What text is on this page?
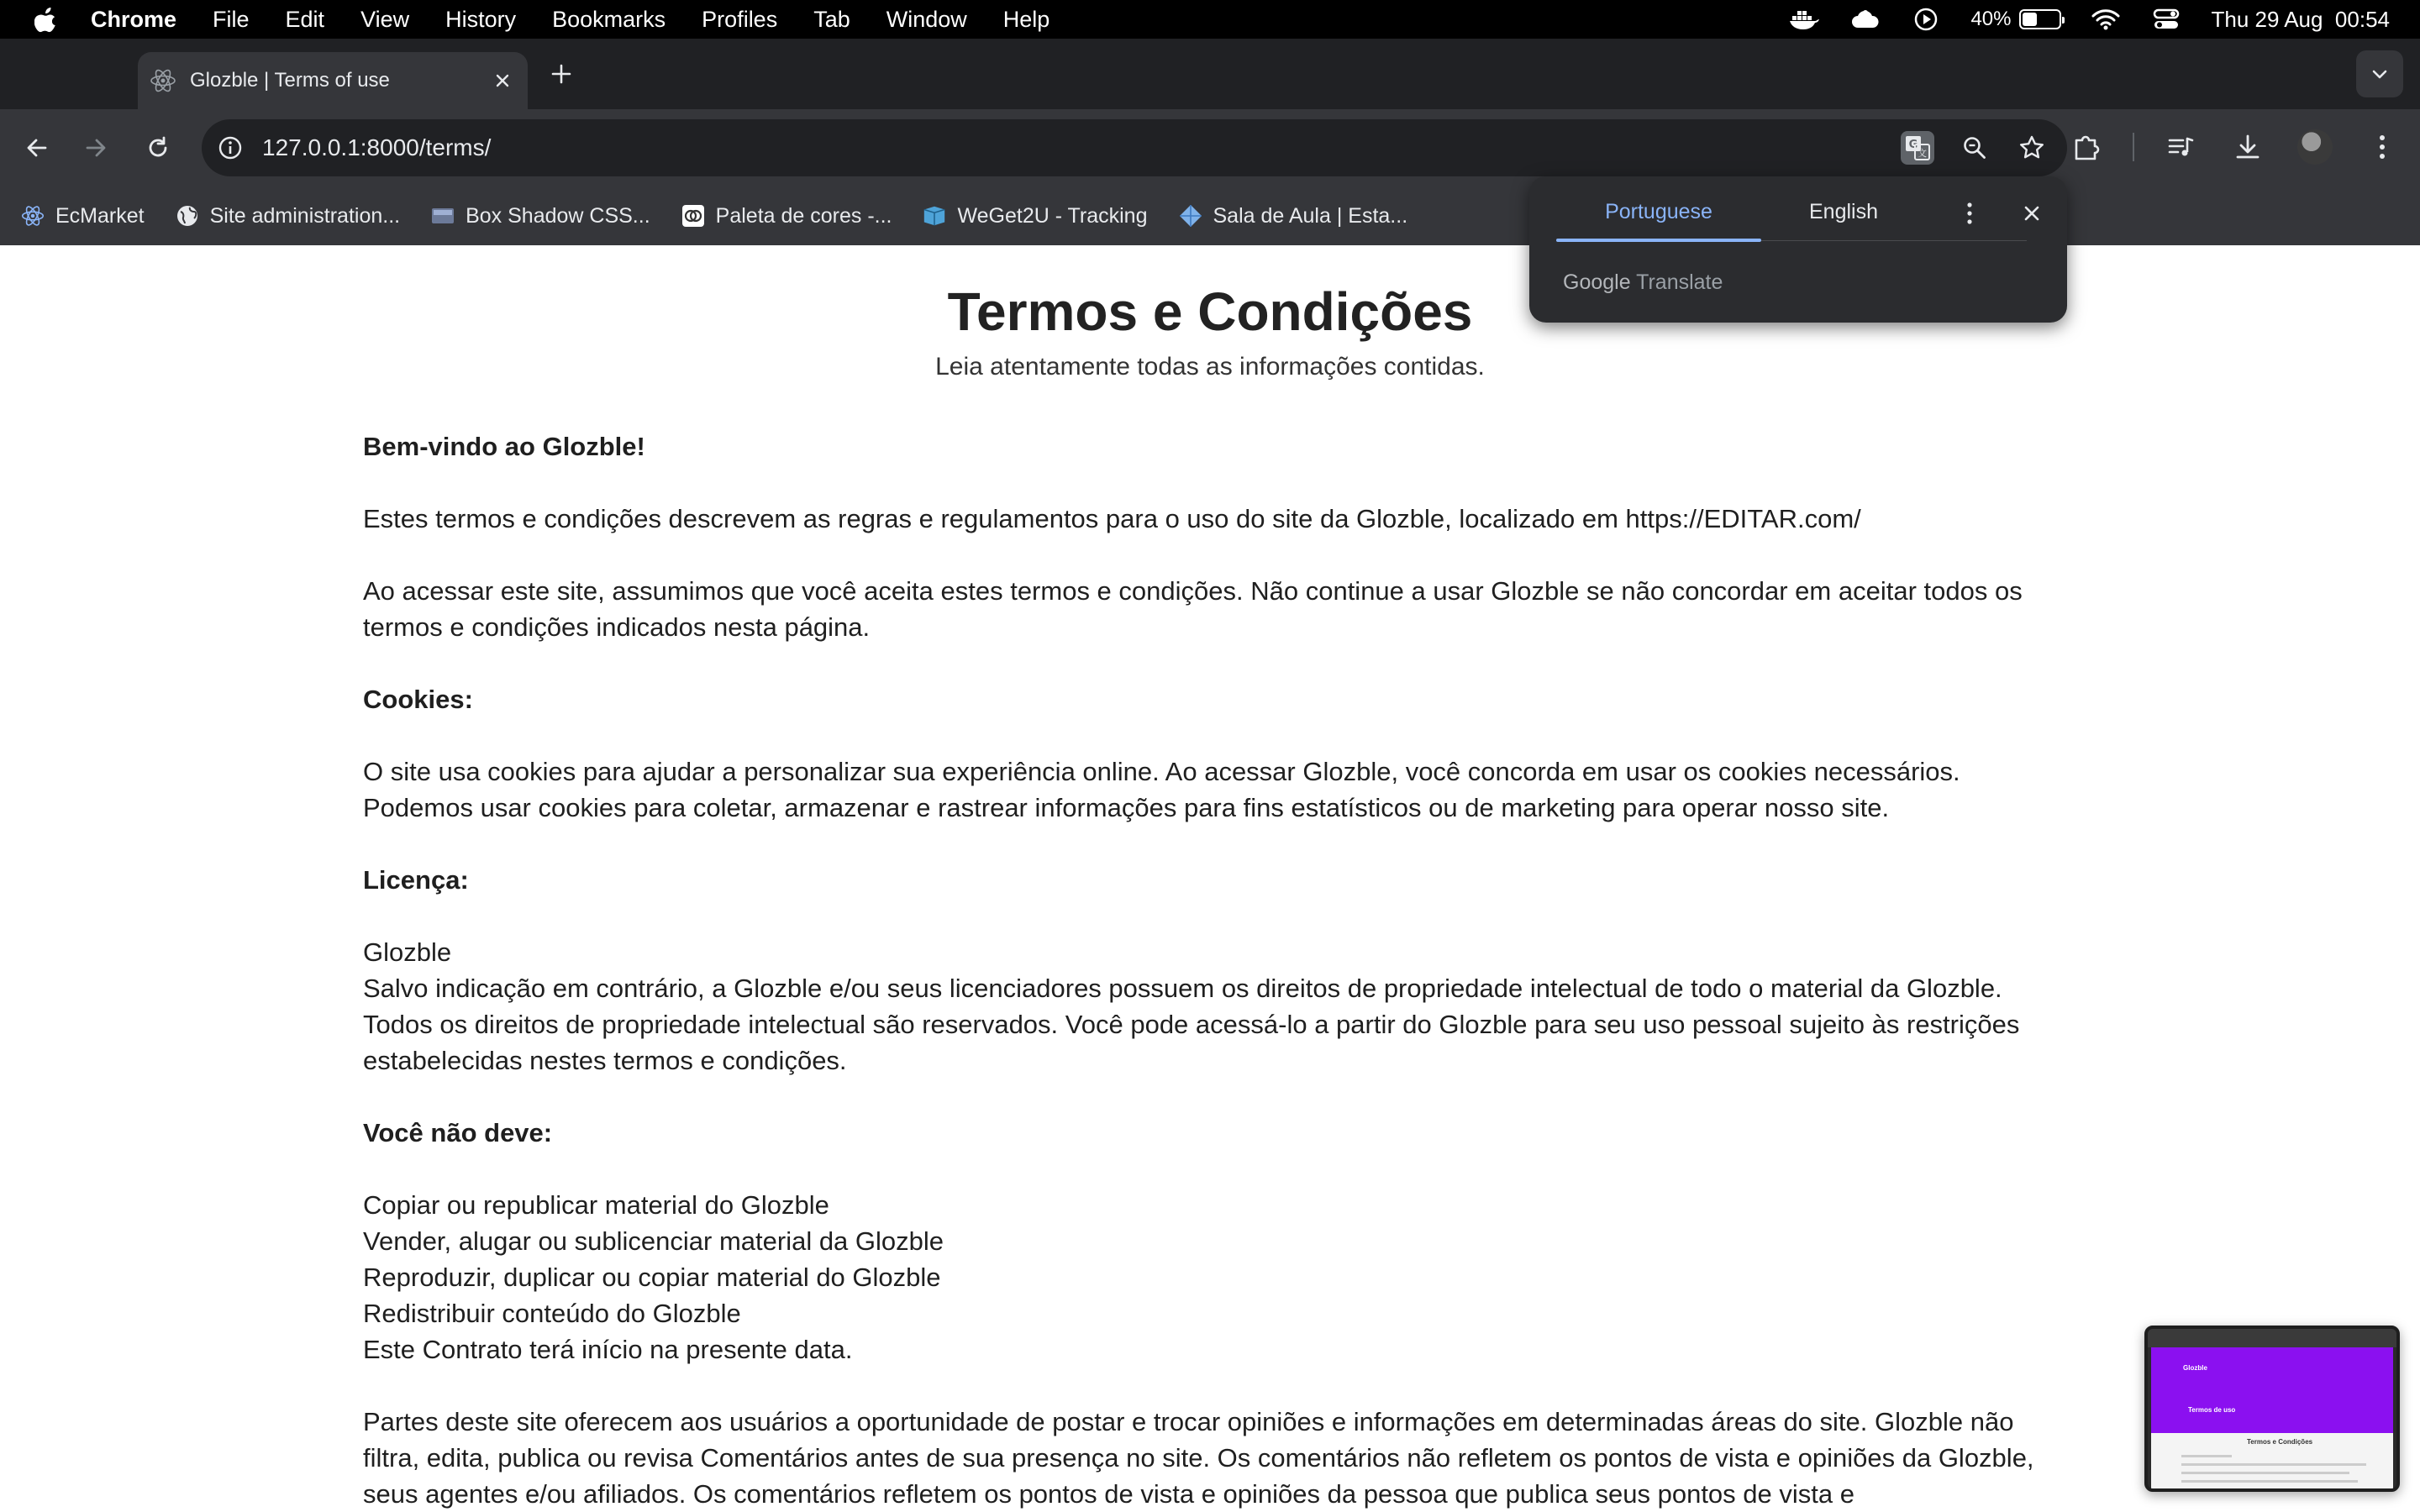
Chrome File Edit View History Bookmarks Profiles Tab Window Help	40%	Thu 29 Aug  00:54
Glozble | Terms of use
127.0.0.1:8000/terms/	G
文
EcMarket	Site administration...	Box Shadow CSS...	Paleta de cores -...	WeGet2U - Tracking	Sala de Aula | Esta...
Termos e Condições
Leia atentamente todas as informações contidas.

Bem-vindo ao Glozble!

Estes termos e condições descrevem as regras e regulamentos para o uso do site da Glozble, localizado em https://EDITAR.com/

Ao acessar este site, assumimos que você aceita estes termos e condições. Não continue a usar Glozble se não concordar em aceitar todos os termos e condições indicados nesta página.

Cookies:

O site usa cookies para ajudar a personalizar sua experiência online. Ao acessar Glozble, você concorda em usar os cookies necessários. Podemos usar cookies para coletar, armazenar e rastrear informações para fins estatísticos ou de marketing para operar nosso site.

Licença:

Glozble
Salvo indicação em contrário, a Glozble e/ou seus licenciadores possuem os direitos de propriedade intelectual de todo o material da Glozble. Todos os direitos de propriedade intelectual são reservados. Você pode acessá-lo a partir do Glozble para seu uso pessoal sujeito às restrições estabelecidas nestes termos e condições.

Você não deve:

Copiar ou republicar material do Glozble
Vender, alugar ou sublicenciar material da Glozble
Reproduzir, duplicar ou copiar material do Glozble
Redistribuir conteúdo do Glozble
Este Contrato terá início na presente data.

Partes deste site oferecem aos usuários a oportunidade de postar e trocar opiniões e informações em determinadas áreas do site. Glozble não filtra, edita, publica ou revisa Comentários antes de sua presença no site. Os comentários não refletem os pontos de vista e opiniões da Glozble, seus agentes e/ou afiliados. Os comentários refletem os pontos de vista e opiniões da pessoa que publica seus pontos de vista e

Portuguese	English
Google Translate
Glozble
Termos de uso
Termos e Condições
